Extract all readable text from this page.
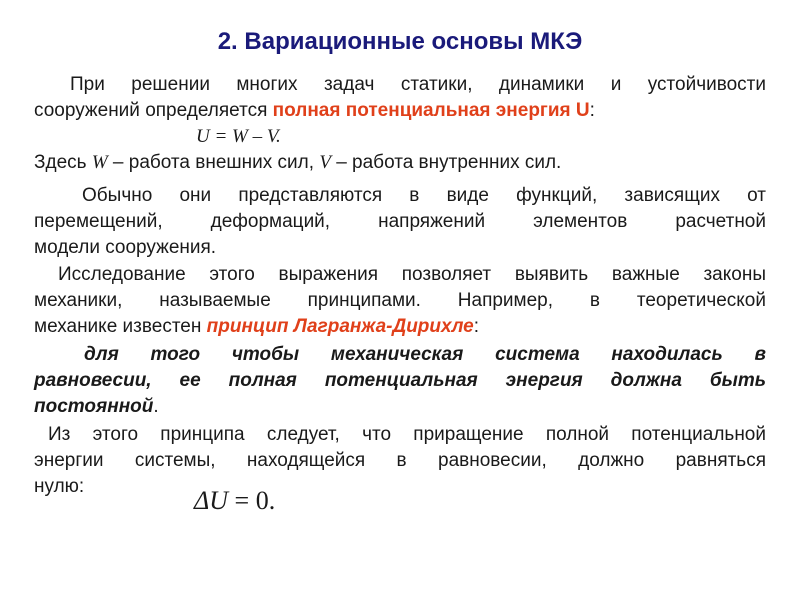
2. Вариационные основы МКЭ
При решении многих задач статики, динамики и устойчивости
сооружений определяется полная потенциальная энергия U:
U = W – V.
Здесь W – работа внешних сил, V – работа внутренних сил.
Обычно они представляются в виде функций, зависящих от
перемещений, деформаций, напряжений элементов расчетной
модели сооружения.
Исследование этого выражения позволяет выявить важные законы
механики, называемые принципами. Например, в теоретической
механике известен принцип Лагранжа-Дирихле:
для того чтобы механическая система находилась в
равновесии, ее полная потенциальная энергия должна быть
постоянной.
Из этого принципа следует, что приращение полной потенциальной
энергии системы, находящейся в равновесии, должно равняться
нулю:	ΔU = 0.
